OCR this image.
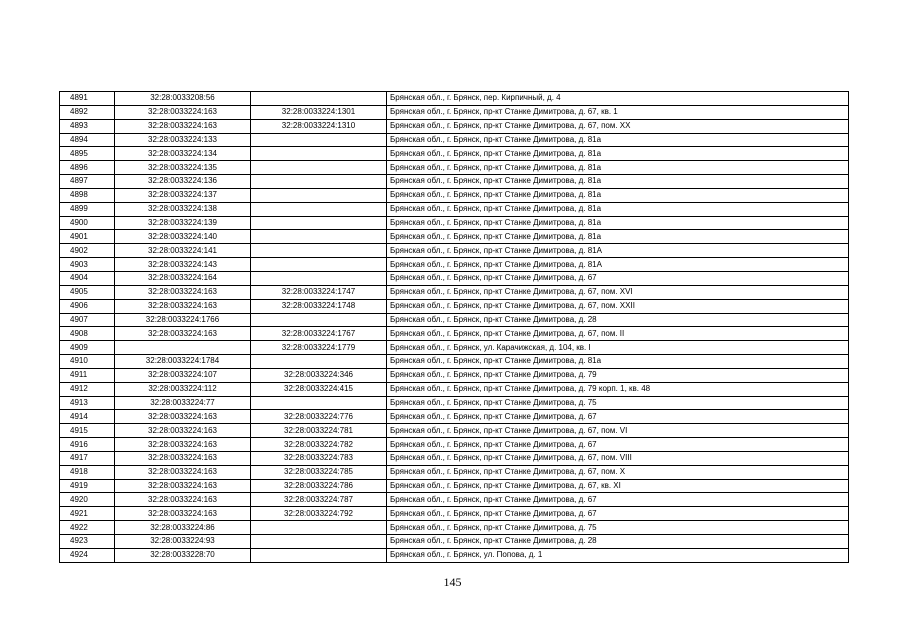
4891	32:28:0033208:56		Брянская обл., г. Брянск, пер. Кирпичный, д. 4
4892	32:28:0033224:163	32:28:0033224:1301	Брянская обл., г. Брянск, пр-кт Станке Димитрова, д. 67, кв. 1
4893	32:28:0033224:163	32:28:0033224:1310	Брянская обл., г. Брянск, пр-кт Станке Димитрова, д. 67, пом. XX
4894	32:28:0033224:133		Брянская обл., г. Брянск, пр-кт Станке Димитрова, д. 81а
4895	32:28:0033224:134		Брянская обл., г. Брянск, пр-кт Станке Димитрова, д. 81а
4896	32:28:0033224:135		Брянская обл., г. Брянск, пр-кт Станке Димитрова, д. 81а
4897	32:28:0033224:136		Брянская обл., г. Брянск, пр-кт Станке Димитрова, д. 81а
4898	32:28:0033224:137		Брянская обл., г. Брянск, пр-кт Станке Димитрова, д. 81а
4899	32:28:0033224:138		Брянская обл., г. Брянск, пр-кт Станке Димитрова, д. 81а
4900	32:28:0033224:139		Брянская обл., г. Брянск, пр-кт Станке Димитрова, д. 81а
4901	32:28:0033224:140		Брянская обл., г. Брянск, пр-кт Станке Димитрова, д. 81а
4902	32:28:0033224:141		Брянская обл., г. Брянск, пр-кт Станке Димитрова, д. 81А
4903	32:28:0033224:143		Брянская обл., г. Брянск, пр-кт Станке Димитрова, д. 81А
4904	32:28:0033224:164		Брянская обл., г. Брянск, пр-кт Станке Димитрова, д. 67
4905	32:28:0033224:163	32:28:0033224:1747	Брянская обл., г. Брянск, пр-кт Станке Димитрова, д. 67, пом. XVI
4906	32:28:0033224:163	32:28:0033224:1748	Брянская обл., г. Брянск, пр-кт Станке Димитрова, д. 67, пом. XXII
4907	32:28:0033224:1766		Брянская обл., г. Брянск, пр-кт Станке Димитрова, д. 28
4908	32:28:0033224:163	32:28:0033224:1767	Брянская обл., г. Брянск, пр-кт Станке Димитрова, д. 67, пом. II
4909		32:28:0033224:1779	Брянская обл., г. Брянск, ул. Карачижская, д. 104, кв. I
4910	32:28:0033224:1784		Брянская обл., г. Брянск, пр-кт Станке Димитрова, д. 81а
4911	32:28:0033224:107	32:28:0033224:346	Брянская обл., г. Брянск, пр-кт Станке Димитрова, д. 79
4912	32:28:0033224:112	32:28:0033224:415	Брянская обл., г. Брянск, пр-кт Станке Димитрова, д. 79 корп. 1, кв. 48
4913	32:28:0033224:77		Брянская обл., г. Брянск, пр-кт Станке Димитрова, д. 75
4914	32:28:0033224:163	32:28:0033224:776	Брянская обл., г. Брянск, пр-кт Станке Димитрова, д. 67
4915	32:28:0033224:163	32:28:0033224:781	Брянская обл., г. Брянск, пр-кт Станке Димитрова, д. 67, пом. VI
4916	32:28:0033224:163	32:28:0033224:782	Брянская обл., г. Брянск, пр-кт Станке Димитрова, д. 67
4917	32:28:0033224:163	32:28:0033224:783	Брянская обл., г. Брянск, пр-кт Станке Димитрова, д. 67, пом. VIII
4918	32:28:0033224:163	32:28:0033224:785	Брянская обл., г. Брянск, пр-кт Станке Димитрова, д. 67, пом. X
4919	32:28:0033224:163	32:28:0033224:786	Брянская обл., г. Брянск, пр-кт Станке Димитрова, д. 67, кв. XI
4920	32:28:0033224:163	32:28:0033224:787	Брянская обл., г. Брянск, пр-кт Станке Димитрова, д. 67
4921	32:28:0033224:163	32:28:0033224:792	Брянская обл., г. Брянск, пр-кт Станке Димитрова, д. 67
4922	32:28:0033224:86		Брянская обл., г. Брянск, пр-кт Станке Димитрова, д. 75
4923	32:28:0033224:93		Брянская обл., г. Брянск, пр-кт Станке Димитрова, д. 28
4924	32:28:0033228:70		Брянская обл., г. Брянск, ул. Попова, д. 1
145
